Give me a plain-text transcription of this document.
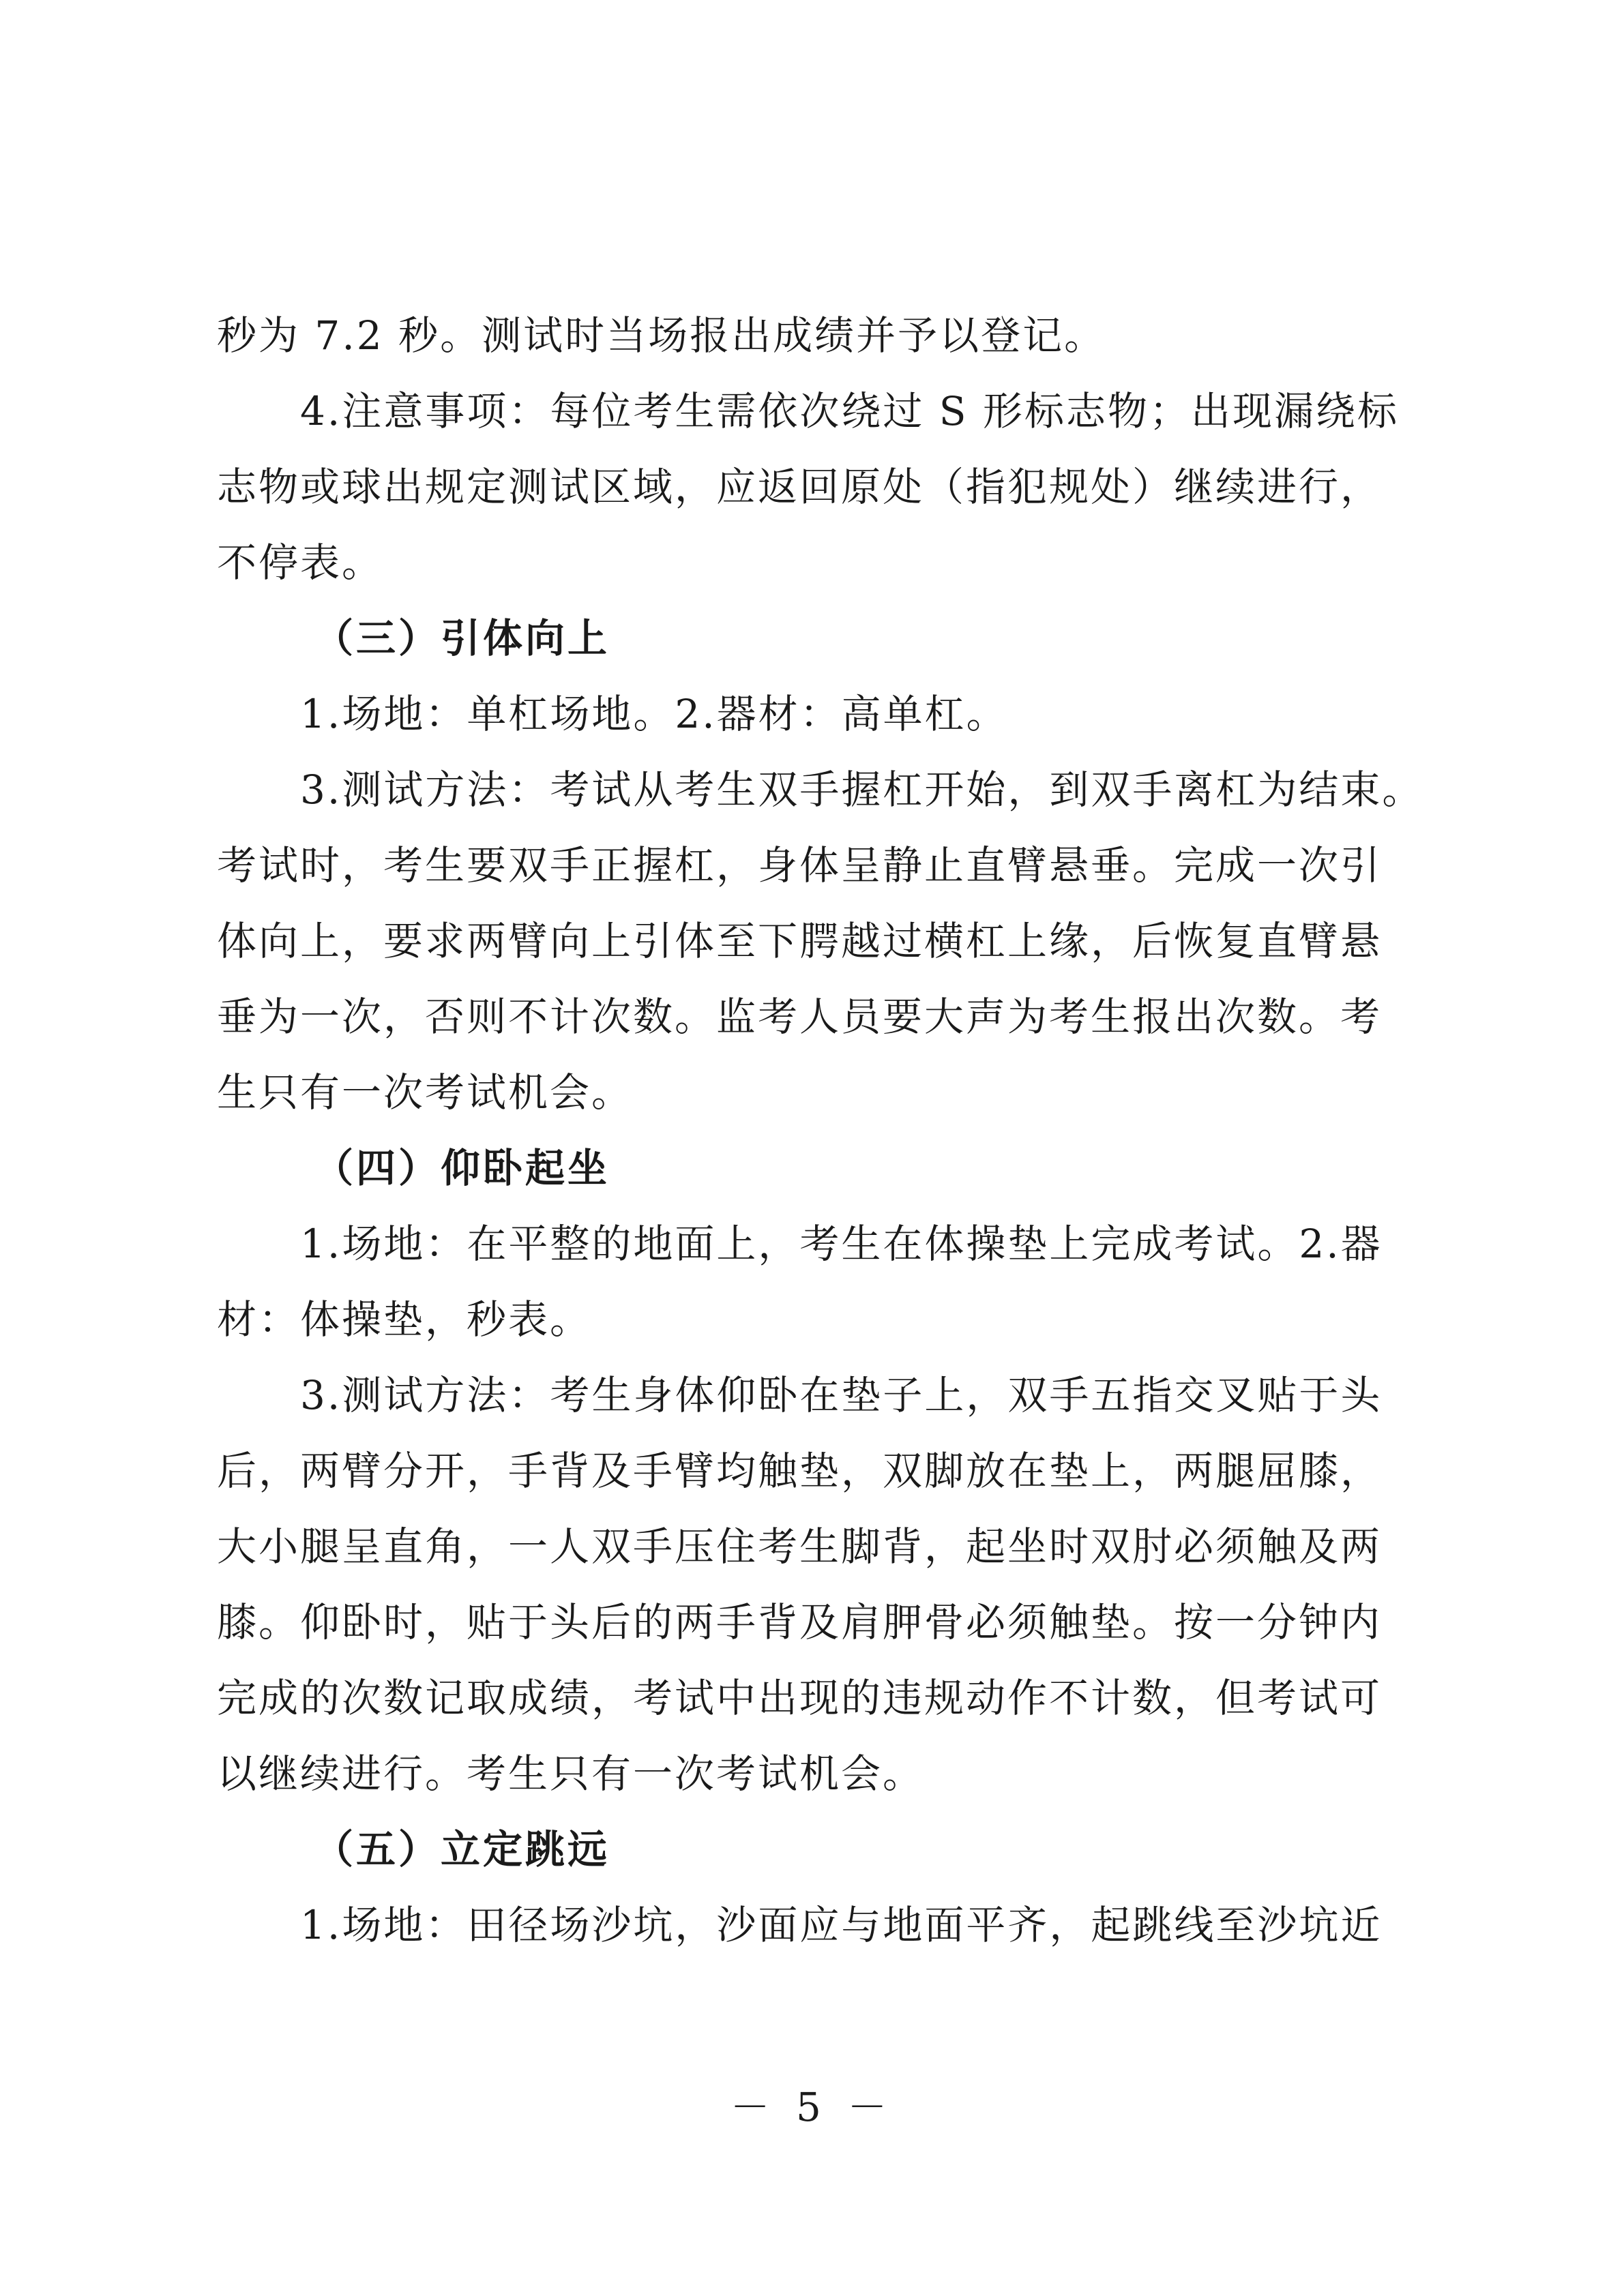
秒为 7.2 秒。测试时当场报出成绩并予以登记。
4.注意事项：每位考生需依次绕过 S 形标志物；出现漏绕标
志物或球出规定测试区域，应返回原处（指犯规处）继续进行，
不停表。
（三）引体向上
1.场地：单杠场地。2.器材：高单杠。
3.测试方法：考试从考生双手握杠开始，到双手离杠为结束。
考试时，考生要双手正握杠，身体呈静止直臂悬垂。完成一次引
体向上，要求两臂向上引体至下腭越过横杠上缘，后恢复直臂悬
垂为一次，否则不计次数。监考人员要大声为考生报出次数。考
生只有一次考试机会。
（四）仰卧起坐
1.场地：在平整的地面上，考生在体操垫上完成考试。2.器
材：体操垫，秒表。
3.测试方法：考生身体仰卧在垫子上，双手五指交叉贴于头
后，两臂分开，手背及手臂均触垫，双脚放在垫上，两腿屈膝，
大小腿呈直角，一人双手压住考生脚背，起坐时双肘必须触及两
膝。仰卧时，贴于头后的两手背及肩胛骨必须触垫。按一分钟内
完成的次数记取成绩，考试中出现的违规动作不计数，但考试可
以继续进行。考生只有一次考试机会。
（五）立定跳远
1.场地：田径场沙坑，沙面应与地面平齐，起跳线至沙坑近
－ 5 －
